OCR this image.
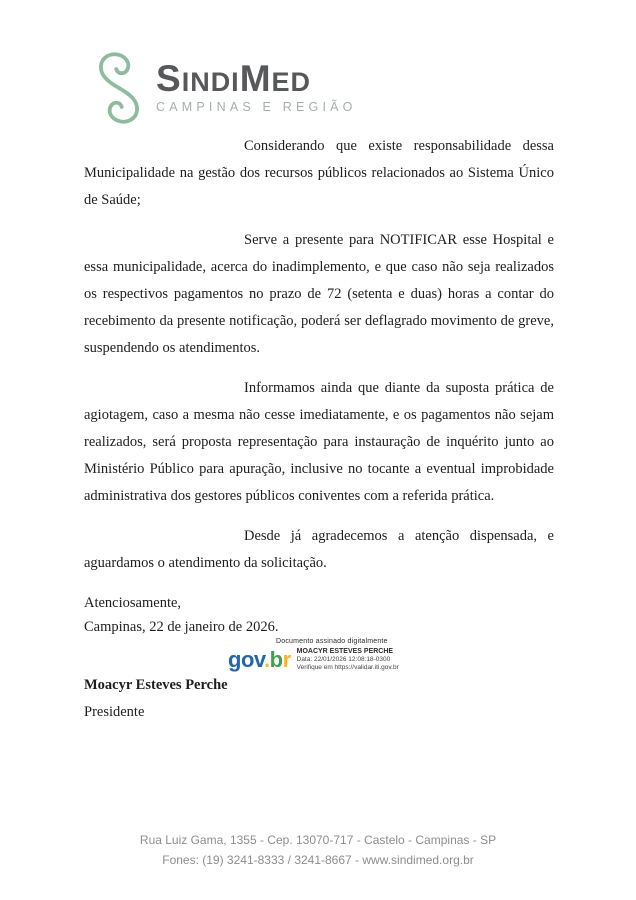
SINDIMED
CAMPINAS E REGIÃO

Considerando que existe responsabilidade dessa Municipalidade na gestão dos recursos públicos relacionados ao Sistema Único de Saúde;

Serve a presente para NOTIFICAR esse Hospital e essa municipalidade, acerca do inadimplemento, e que caso não seja realizados os respectivos pagamentos no prazo de 72 (setenta e duas) horas a contar do recebimento da presente notificação, poderá ser deflagrado movimento de greve, suspendendo os atendimentos.

Informamos ainda que diante da suposta prática de agiotagem, caso a mesma não cesse imediatamente, e os pagamentos não sejam realizados, será proposta representação para instauração de inquérito junto ao Ministério Público para apuração, inclusive no tocante a eventual improbidade administrativa dos gestores públicos coniventes com a referida prática.

Desde já agradecemos a atenção dispensada, e aguardamos o atendimento da solicitação.

Atenciosamente,

Campinas, 22 de janeiro de 2026.

Documento assinado digitalmente
gov.br MOACYR ESTEVES PERCHE
Data: 22/01/2026 12:08:18-0300
Verifique em https://validar.iti.gov.br

Moacyr Esteves Perche

Presidente

Rua Luiz Gama, 1355 - Cep. 13070-717 - Castelo - Campinas - SP
Fones: (19) 3241-8333 / 3241-8667 - www.sindimed.org.br
